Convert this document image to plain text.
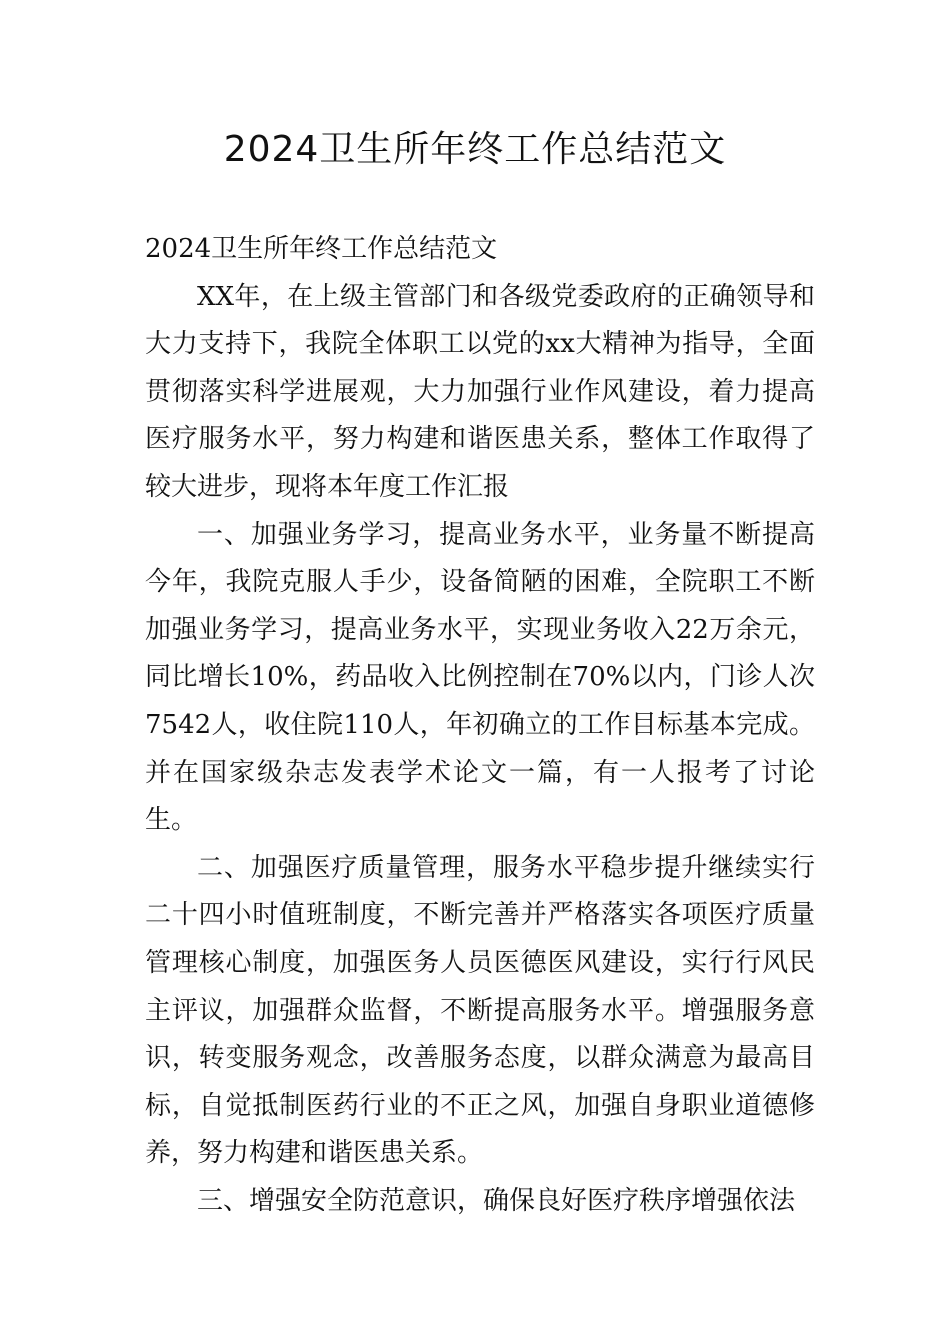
2024卫生所年终工作总结范文

2024卫生所年终工作总结范文

XX年，在上级主管部门和各级党委政府的正确领导和大力支持下，我院全体职工以党的xx大精神为指导，全面贯彻落实科学进展观，大力加强行业作风建设，着力提高医疗服务水平，努力构建和谐医患关系，整体工作取得了较大进步，现将本年度工作汇报

一、加强业务学习，提高业务水平，业务量不断提高今年，我院克服人手少，设备简陋的困难，全院职工不断加强业务学习，提高业务水平，实现业务收入22万余元，同比增长10%，药品收入比例控制在70%以内，门诊人次7542人，收住院110人，年初确立的工作目标基本完成。并在国家级杂志发表学术论文一篇，有一人报考了讨论生。

二、加强医疗质量管理，服务水平稳步提升继续实行二十四小时值班制度，不断完善并严格落实各项医疗质量管理核心制度，加强医务人员医德医风建设，实行行风民主评议，加强群众监督，不断提高服务水平。增强服务意识，转变服务观念，改善服务态度，以群众满意为最高目标，自觉抵制医药行业的不正之风，加强自身职业道德修养，努力构建和谐医患关系。

三、增强安全防范意识，确保良好医疗秩序增强依法
